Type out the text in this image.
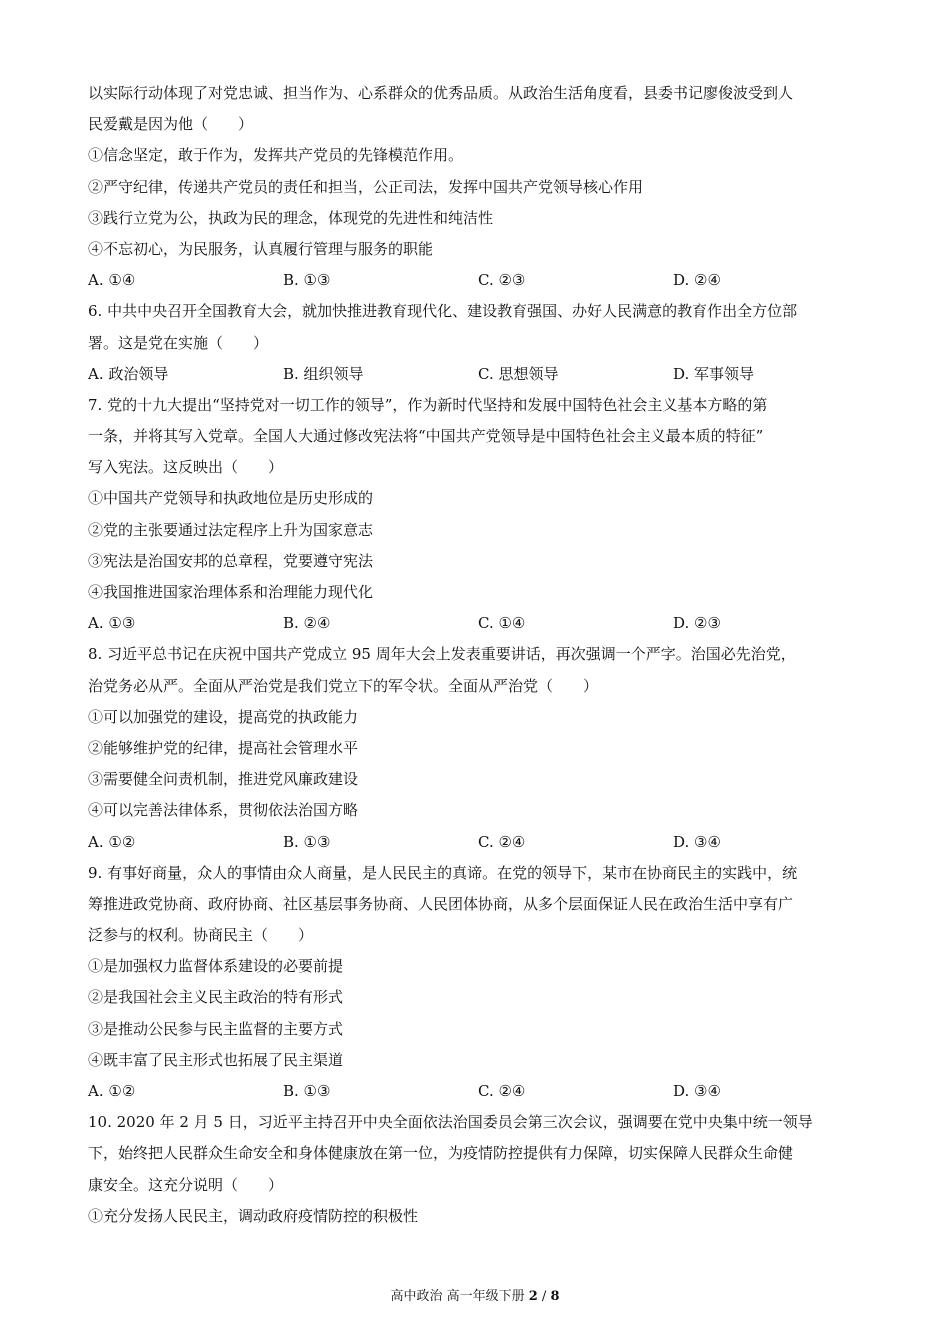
以实际行动体现了对党忠诚、担当作为、心系群众的优秀品质。从政治生活角度看，县委书记廖俊波受到人
民爱戴是因为他（　　）
①信念坚定，敢于作为，发挥共产党员的先锋模范作用。
②严守纪律，传递共产党员的责任和担当，公正司法，发挥中国共产党领导核心作用
③践行立党为公，执政为民的理念，体现党的先进性和纯洁性
④不忘初心，为民服务，认真履行管理与服务的职能
A. ①④	B. ①③	C. ②③	D. ②④
6. 中共中央召开全国教育大会，就加快推进教育现代化、建设教育强国、办好人民满意的教育作出全方位部
署。这是党在实施（　　）
A. 政治领导	B. 组织领导	C. 思想领导	D. 军事领导
7. 党的十九大提出“坚持党对一切工作的领导”，作为新时代坚持和发展中国特色社会主义基本方略的第
一条，并将其写入党章。全国人大通过修改宪法将“中国共产党领导是中国特色社会主义最本质的特征”
写入宪法。这反映出（　　）
①中国共产党领导和执政地位是历史形成的
②党的主张要通过法定程序上升为国家意志
③宪法是治国安邦的总章程，党要遵守宪法
④我国推进国家治理体系和治理能力现代化
A. ①③	B. ②④	C. ①④	D. ②③
8. 习近平总书记在庆祝中国共产党成立 95 周年大会上发表重要讲话，再次强调一个严字。治国必先治党，
治党务必从严。全面从严治党是我们党立下的军令状。全面从严治党（　　）
①可以加强党的建设，提高党的执政能力
②能够维护党的纪律，提高社会管理水平
③需要健全问责机制，推进党风廉政建设
④可以完善法律体系，贯彻依法治国方略
A. ①②	B. ①③	C. ②④	D. ③④
9. 有事好商量，众人的事情由众人商量，是人民民主的真谛。在党的领导下，某市在协商民主的实践中，统
筹推进政党协商、政府协商、社区基层事务协商、人民团体协商，从多个层面保证人民在政治生活中享有广
泛参与的权利。协商民主（　　）
①是加强权力监督体系建设的必要前提
②是我国社会主义民主政治的特有形式
③是推动公民参与民主监督的主要方式
④既丰富了民主形式也拓展了民主渠道
A. ①②	B. ①③	C. ②④	D. ③④
10. 2020 年 2 月 5 日，习近平主持召开中央全面依法治国委员会第三次会议，强调要在党中央集中统一领导
下，始终把人民群众生命安全和身体健康放在第一位，为疫情防控提供有力保障，切实保障人民群众生命健
康安全。这充分说明（　　）
①充分发扬人民民主，调动政府疫情防控的积极性
高中政治 高一年级下册 2 / 8
